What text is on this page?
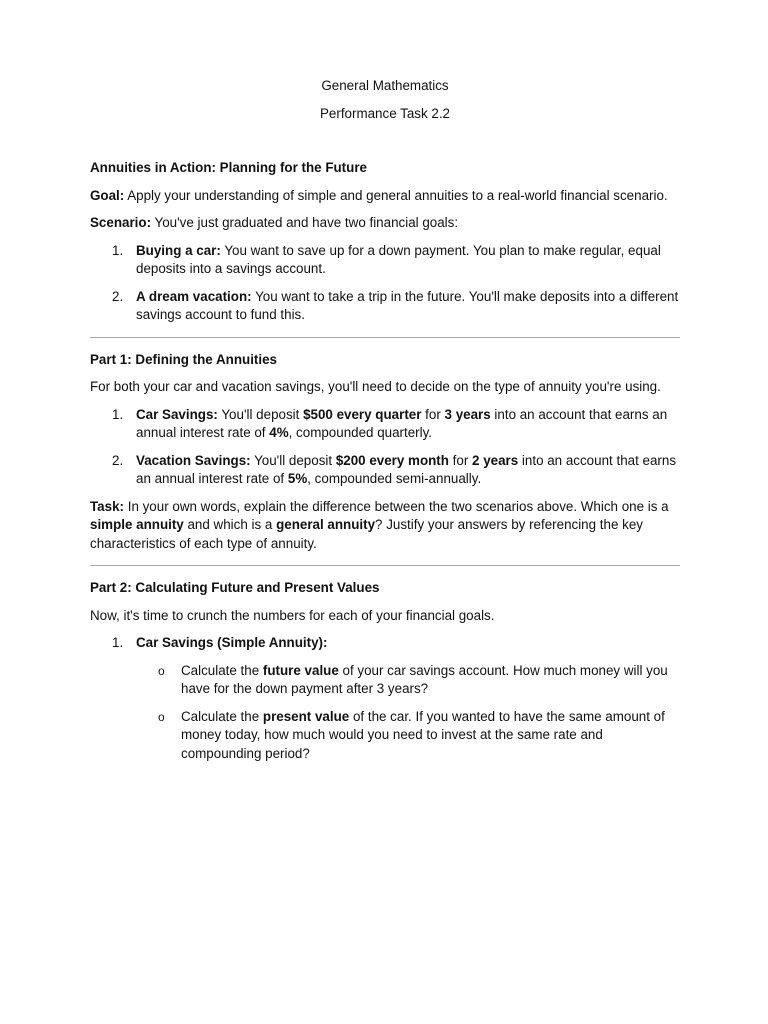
General Mathematics

Performance Task 2.2

Annuities in Action: Planning for the Future

Goal: Apply your understanding of simple and general annuities to a real-world financial scenario.

Scenario: You've just graduated and have two financial goals:

1. Buying a car: You want to save up for a down payment. You plan to make regular, equal deposits into a savings account.
2. A dream vacation: You want to take a trip in the future. You'll make deposits into a different savings account to fund this.

Part 1: Defining the Annuities

For both your car and vacation savings, you'll need to decide on the type of annuity you're using.

1. Car Savings: You'll deposit $500 every quarter for 3 years into an account that earns an annual interest rate of 4%, compounded quarterly.
2. Vacation Savings: You'll deposit $200 every month for 2 years into an account that earns an annual interest rate of 5%, compounded semi-annually.

Task: In your own words, explain the difference between the two scenarios above. Which one is a simple annuity and which is a general annuity? Justify your answers by referencing the key characteristics of each type of annuity.

Part 2: Calculating Future and Present Values

Now, it's time to crunch the numbers for each of your financial goals.

1. Car Savings (Simple Annuity):
o Calculate the future value of your car savings account. How much money will you have for the down payment after 3 years?
o Calculate the present value of the car. If you wanted to have the same amount of money today, how much would you need to invest at the same rate and compounding period?
